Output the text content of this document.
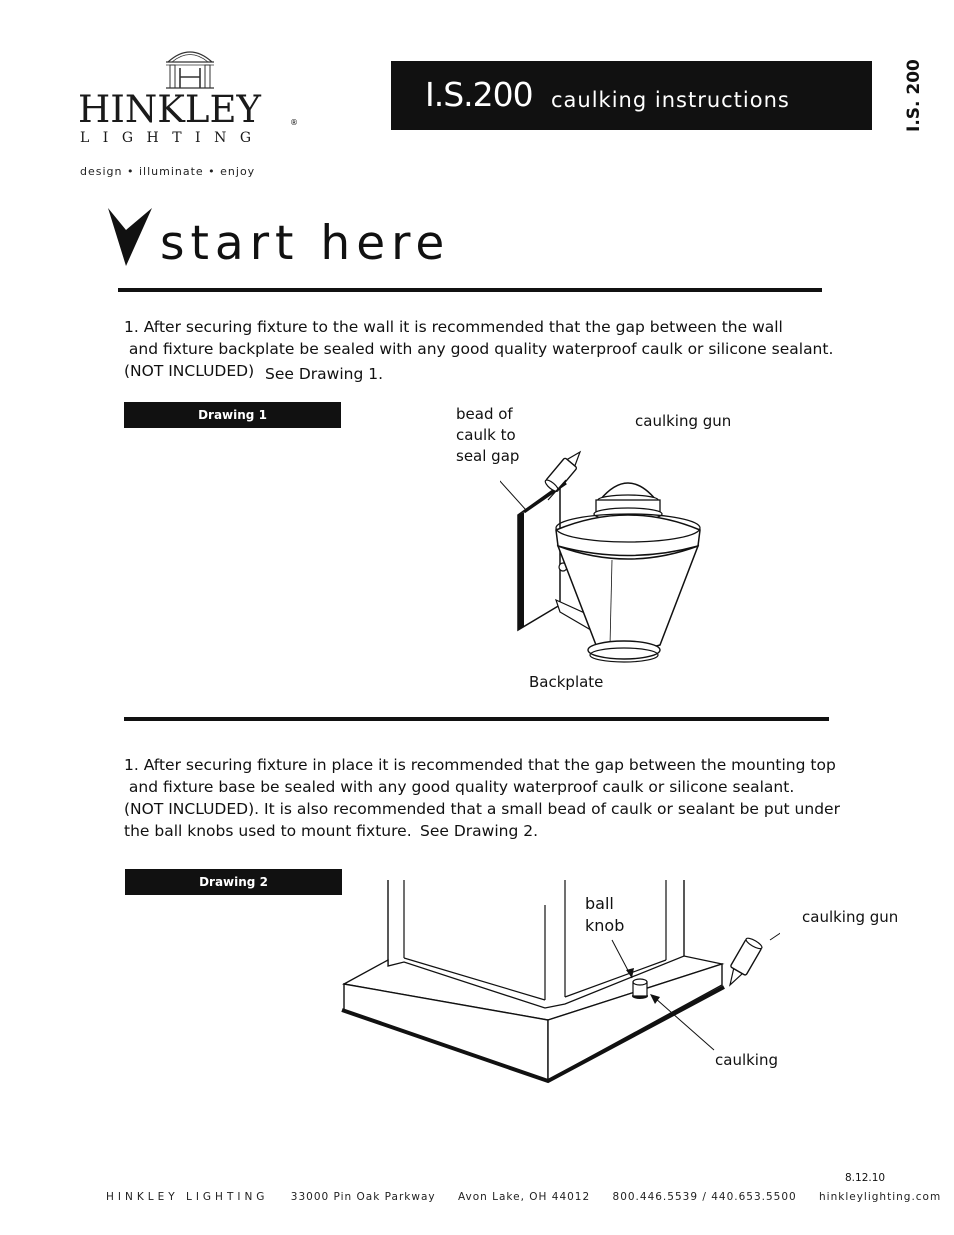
HINKLEY	®
LIGHTING
design • illuminate • enjoy
I.S.200 caulking instructions	I.S. 200
start here
1. After securing fixture to the wall it is recommended that the gap between the wall
and fixture backplate be sealed with any good quality waterproof caulk or silicone sealant.
(NOT INCLUDED) See Drawing 1.
Drawing 1	bead of
caulk to
seal gap
caulking gun
Backplate
1. After securing fixture in place it is recommended that the gap between the mounting top
and fixture base be sealed with any good quality waterproof caulk or silicone sealant.
(NOT INCLUDED). It is also recommended that a small bead of caulk or sealant be put under
the ball knobs used to mount fixture. See Drawing 2.
Drawing 2
ball
knob	caulking gun
caulking
8.12.10
HINKLEY LIGHTING 33000 Pin Oak Parkway Avon Lake, OH 44012 800.446.5539 / 440.653.5500 hinkleylighting.com
